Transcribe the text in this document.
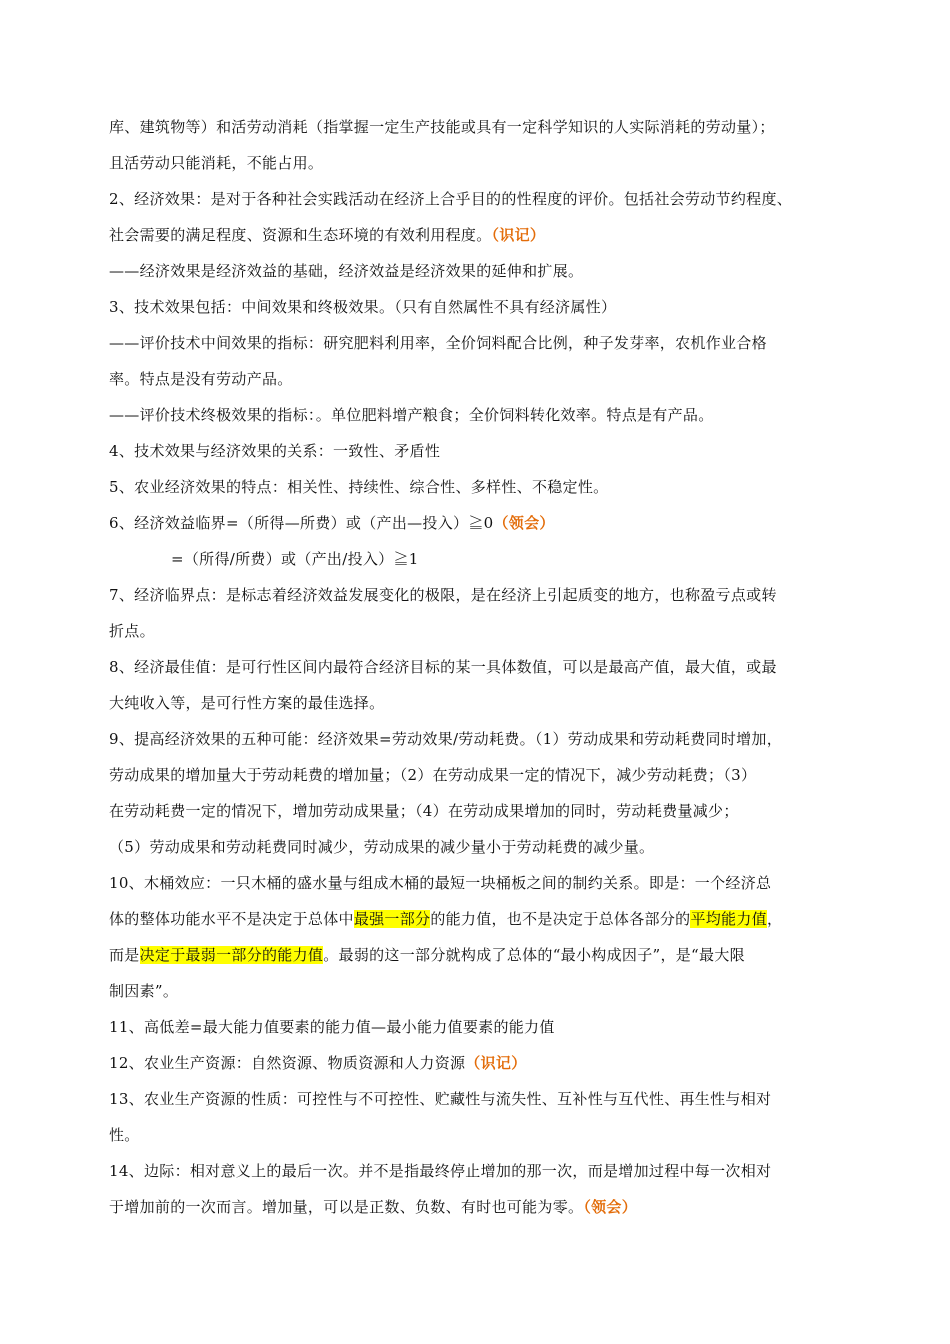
库、建筑物等）和活劳动消耗（指掌握一定生产技能或具有一定科学知识的人实际消耗的劳动量）；
且活劳动只能消耗，不能占用。
2、经济效果：是对于各种社会实践活动在经济上合乎目的的性程度的评价。包括社会劳动节约程度、
社会需要的满足程度、资源和生态环境的有效利用程度。（识记）
——经济效果是经济效益的基础，经济效益是经济效果的延伸和扩展。
3、技术效果包括：中间效果和终极效果。（只有自然属性不具有经济属性）
——评价技术中间效果的指标：研究肥料利用率，全价饲料配合比例，种子发芽率，农机作业合格
率。特点是没有劳动产品。
——评价技术终极效果的指标：。单位肥料增产粮食；全价饲料转化效率。特点是有产品。
4、技术效果与经济效果的关系：一致性、矛盾性
5、农业经济效果的特点：相关性、持续性、综合性、多样性、不稳定性。
6、经济效益临界=（所得—所费）或（产出—投入）≧0（领会）
=（所得/所费）或（产出/投入）≧1
7、经济临界点：是标志着经济效益发展变化的极限，是在经济上引起质变的地方，也称盈亏点或转
折点。
8、经济最佳值：是可行性区间内最符合经济目标的某一具体数值，可以是最高产值，最大值，或最
大纯收入等，是可行性方案的最佳选择。
9、提高经济效果的五种可能：经济效果=劳动效果/劳动耗费。（1）劳动成果和劳动耗费同时增加，
劳动成果的增加量大于劳动耗费的增加量；（2）在劳动成果一定的情况下，减少劳动耗费；（3）
在劳动耗费一定的情况下，增加劳动成果量；（4）在劳动成果增加的同时，劳动耗费量减少；
（5）劳动成果和劳动耗费同时减少，劳动成果的减少量小于劳动耗费的减少量。
10、木桶效应：一只木桶的盛水量与组成木桶的最短一块桶板之间的制约关系。即是：一个经济总
体的整体功能水平不是决定于总体中最强一部分的能力值，也不是决定于总体各部分的平均能力值，
而是决定于最弱一部分的能力值。最弱的这一部分就构成了总体的“最小构成因子”，是“最大限
制因素”。
11、高低差=最大能力值要素的能力值—最小能力值要素的能力值
12、农业生产资源：自然资源、物质资源和人力资源（识记）
13、农业生产资源的性质：可控性与不可控性、贮藏性与流失性、互补性与互代性、再生性与相对
性。
14、边际：相对意义上的最后一次。并不是指最终停止增加的那一次，而是增加过程中每一次相对
于增加前的一次而言。增加量，可以是正数、负数、有时也可能为零。（领会）
